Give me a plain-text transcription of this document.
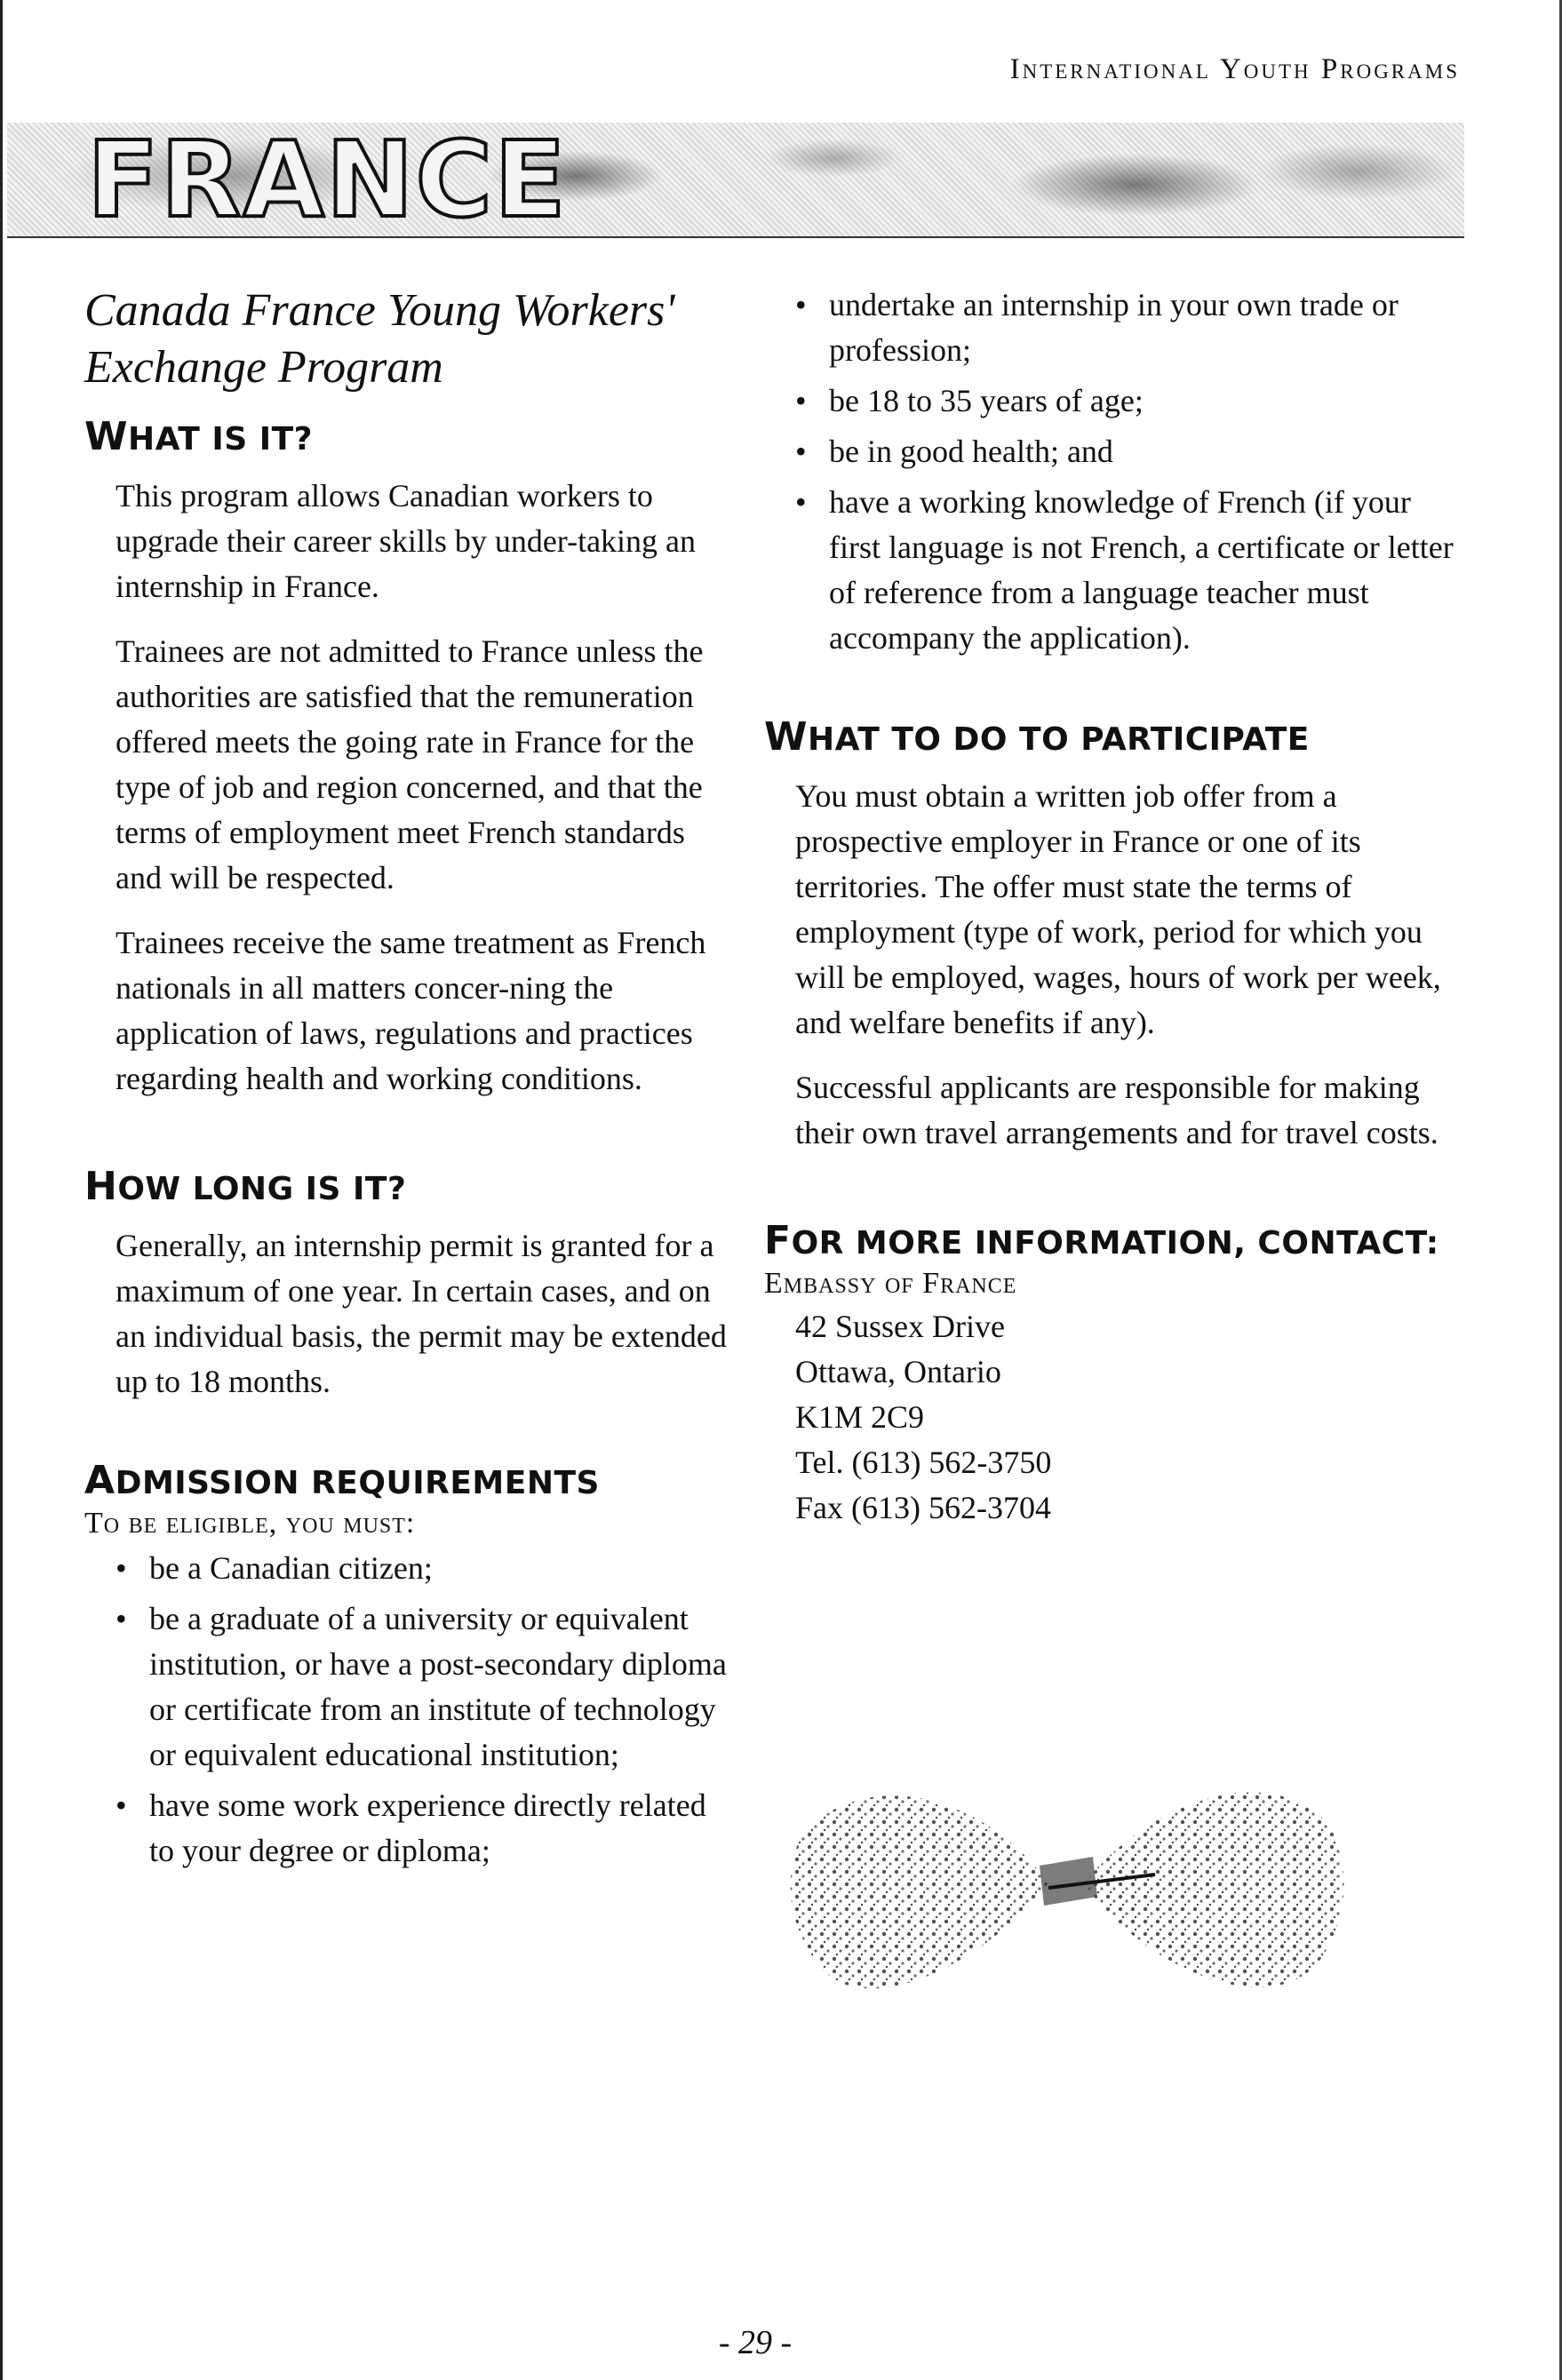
International Youth Programs
FRANCE
Canada France Young Workers'
Exchange Program
WHAT IS IT?

This program allows Canadian workers to upgrade their career skills by under-taking an internship in France.

Trainees are not admitted to France unless the authorities are satisfied that the remuneration offered meets the going rate in France for the type of job and region concerned, and that the terms of employment meet French standards and will be respected.

Trainees receive the same treatment as French nationals in all matters concer-ning the application of laws, regulations and practices regarding health and working conditions.

HOW LONG IS IT?

Generally, an internship permit is granted for a maximum of one year. In certain cases, and on an individual basis, the permit may be extended up to 18 months.

ADMISSION REQUIREMENTS
To be eligible, you must:
• be a Canadian citizen;
• be a graduate of a university or equivalent institution, or have a post-secondary diploma or certificate from an institute of technology or equivalent educational institution;
• have some work experience directly related to your degree or diploma;
• undertake an internship in your own trade or profession;
• be 18 to 35 years of age;
• be in good health; and
• have a working knowledge of French (if your first language is not French, a certificate or letter of reference from a language teacher must accompany the application).
WHAT TO DO TO PARTICIPATE

You must obtain a written job offer from a prospective employer in France or one of its territories. The offer must state the terms of employment (type of work, period for which you will be employed, wages, hours of work per week, and welfare benefits if any).

Successful applicants are responsible for making their own travel arrangements and for travel costs.

FOR MORE INFORMATION, CONTACT:
Embassy of France
42 Sussex Drive
Ottawa, Ontario
K1M 2C9
Tel. (613) 562-3750
Fax (613) 562-3704
- 29 -
